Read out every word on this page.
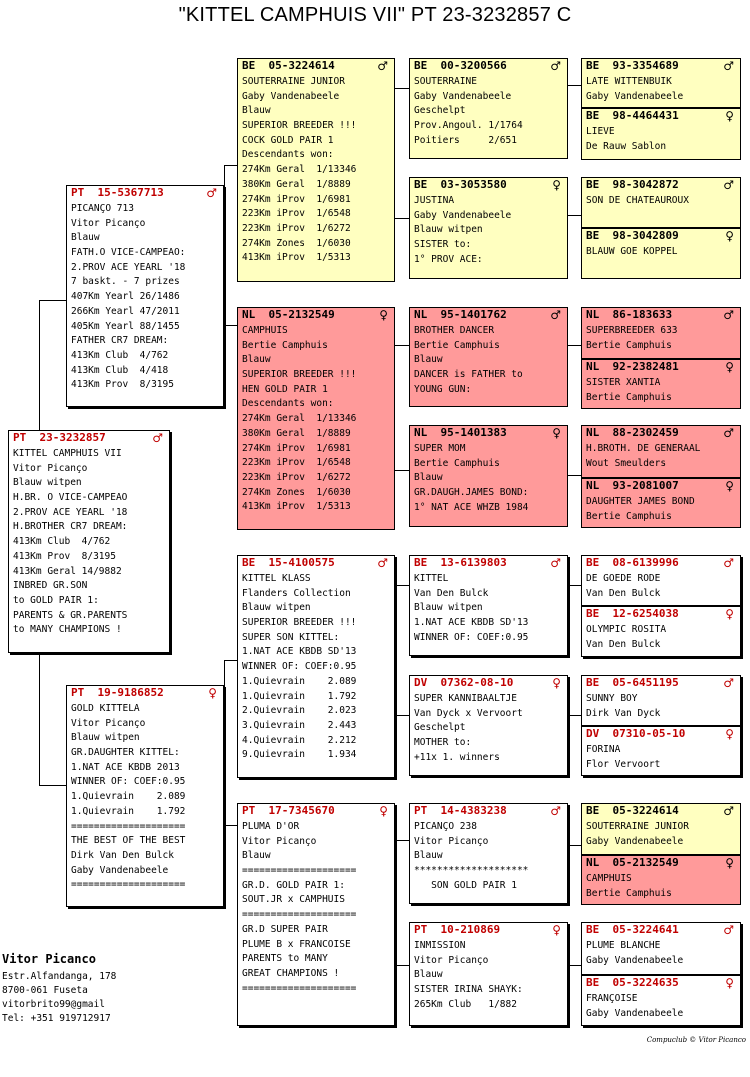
"KITTEL CAMPHUIS VII" PT 23-3232857 C
PT  23-3232857	♂
KITTEL CAMPHUIS VII
Vitor Picanço
Blauw witpen
H.BR. O VICE-CAMPEAO
2.PROV ACE YEARL '18
H.BROTHER CR7 DREAM:
413Km Club  4/762
413Km Prov  8/3195
413Km Geral 14/9882
INBRED GR.SON
to GOLD PAIR 1:
PARENTS & GR.PARENTS
to MANY CHAMPIONS !
PT  15-5367713	♂
PICANÇO 713
Vitor Picanço
Blauw
FATH.O VICE-CAMPEAO:
2.PROV ACE YEARL '18
7 baskt. - 7 prizes
407Km Yearl 26/1486
266Km Yearl 47/2011
405Km Yearl 88/1455
FATHER CR7 DREAM:
413Km Club  4/762
413Km Club  4/418
413Km Prov  8/3195
PT  19-9186852	♀
GOLD KITTELA
Vitor Picanço
Blauw witpen
GR.DAUGHTER KITTEL:
1.NAT ACE KBDB 2013
WINNER OF: COEF:0.95
1.Quievrain    2.089
1.Quievrain    1.792
====================
THE BEST OF THE BEST
Dirk Van Den Bulck
Gaby Vandenabeele
====================
BE  05-3224614	♂
SOUTERRAINE JUNIOR
Gaby Vandenabeele
Blauw
SUPERIOR BREEDER !!!
COCK GOLD PAIR 1
Descendants won:
274Km Geral  1/13346
380Km Geral  1/8889
274Km iProv  1/6981
223Km iProv  1/6548
223Km iProv  1/6272
274Km Zones  1/6030
413Km iProv  1/5313
NL  05-2132549	♀
CAMPHUIS
Bertie Camphuis
Blauw
SUPERIOR BREEDER !!!
HEN GOLD PAIR 1
Descendants won:
274Km Geral  1/13346
380Km Geral  1/8889
274Km iProv  1/6981
223Km iProv  1/6548
223Km iProv  1/6272
274Km Zones  1/6030
413Km iProv  1/5313
BE  15-4100575	♂
KITTEL KLASS
Flanders Collection
Blauw witpen
SUPERIOR BREEDER !!!
SUPER SON KITTEL:
1.NAT ACE KBDB SD'13
WINNER OF: COEF:0.95
1.Quievrain    2.089
1.Quievrain    1.792
2.Quievrain    2.023
3.Quievrain    2.443
4.Quievrain    2.212
9.Quievrain    1.934
PT  17-7345670	♀
PLUMA D'OR
Vitor Picanço
Blauw
====================
GR.D. GOLD PAIR 1:
SOUT.JR x CAMPHUIS
====================
GR.D SUPER PAIR
PLUME B x FRANCOISE
PARENTS to MANY
GREAT CHAMPIONS !
====================
BE  00-3200566	♂
SOUTERRAINE
Gaby Vandenabeele
Geschelpt
Prov.Angoul. 1/1764
Poitiers     2/651
BE  03-3053580	♀
JUSTINA
Gaby Vandenabeele
Blauw witpen
SISTER to:
1° PROV ACE:
NL  95-1401762	♂
BROTHER DANCER
Bertie Camphuis
Blauw
DANCER is FATHER to
YOUNG GUN:
NL  95-1401383	♀
SUPER MOM
Bertie Camphuis
Blauw
GR.DAUGH.JAMES BOND:
1° NAT ACE WHZB 1984
BE  13-6139803	♂
KITTEL
Van Den Bulck
Blauw witpen
1.NAT ACE KBDB SD'13
WINNER OF: COEF:0.95
DV  07362-08-10	♀
SUPER KANNIBAALTJE
Van Dyck x Vervoort
Geschelpt
MOTHER to:
+11x 1. winners
PT  14-4383238	♂
PICANÇO 238
Vitor Picanço
Blauw
********************
SON GOLD PAIR 1
PT  10-210869	♀
INMISSION
Vitor Picanço
Blauw
SISTER IRINA SHAYK:
265Km Club   1/882
BE  93-3354689	♂
LATE WITTENBUIK
Gaby Vandenabeele
BE  98-4464431	♀
LIEVE
De Rauw Sablon
BE  98-3042872	♂
SON DE CHATEAUROUX
BE  98-3042809	♀
BLAUW GOE KOPPEL
NL  86-183633	♂
SUPERBREEDER 633
Bertie Camphuis
NL  92-2382481	♀
SISTER XANTIA
Bertie Camphuis
NL  88-2302459	♂
H.BROTH. DE GENERAAL
Wout Smeulders
NL  93-2081007	♀
DAUGHTER JAMES BOND
Bertie Camphuis
BE  08-6139996	♂
DE GOEDE RODE
Van Den Bulck
BE  12-6254038	♀
OLYMPIC ROSITA
Van Den Bulck
BE  05-6451195	♂
SUNNY BOY
Dirk Van Dyck
DV  07310-05-10	♀
FORINA
Flor Vervoort
BE  05-3224614	♂
SOUTERRAINE JUNIOR
Gaby Vandenabeele
NL  05-2132549	♀
CAMPHUIS
Bertie Camphuis
BE  05-3224641	♂
PLUME BLANCHE
Gaby Vandenabeele
BE  05-3224635	♀
FRANÇOISE
Gaby Vandenabeele
Vitor Picanco
Estr.Alfandanga, 178
8700-061 Fuseta
vitorbrito99@gmail
Tel: +351 919712917
Compuclub © Vitor Picanco
